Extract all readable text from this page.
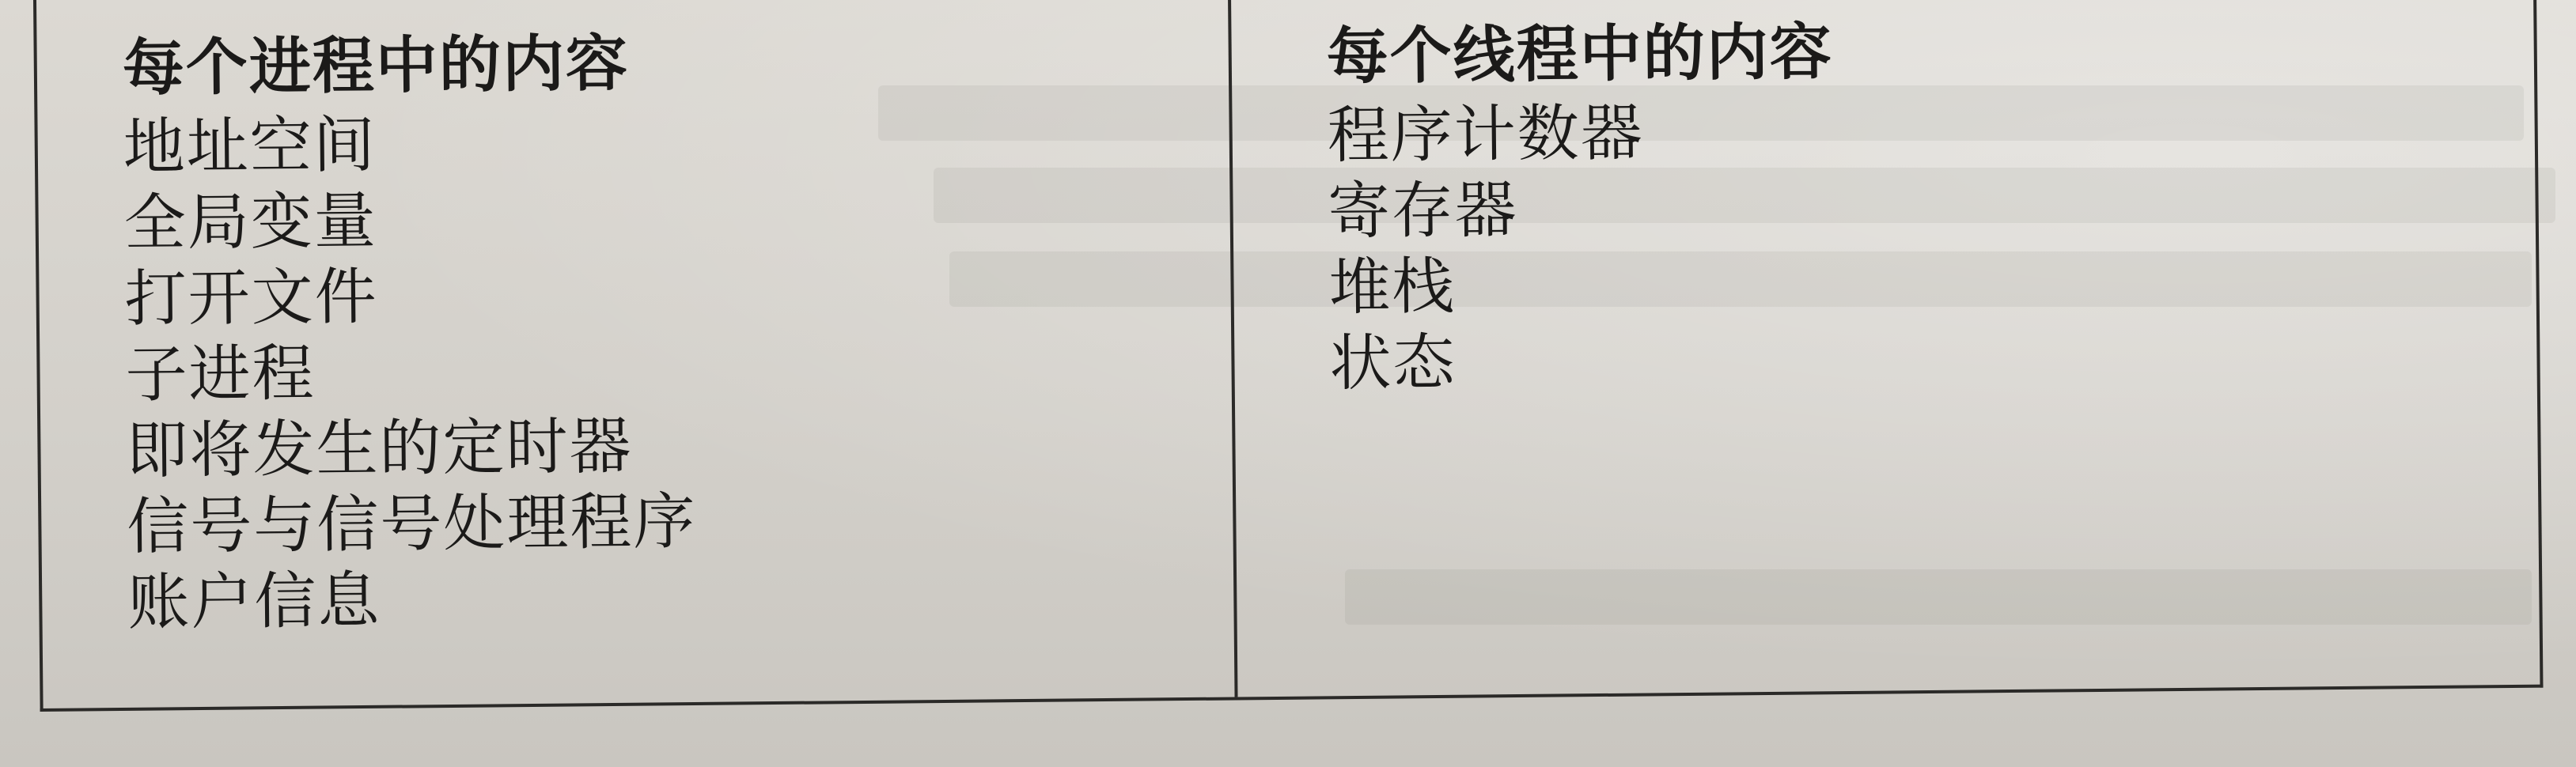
每个进程中的内容
地址空间
全局变量
打开文件
子进程
即将发生的定时器
信号与信号处理程序
账户信息
每个线程中的内容
程序计数器
寄存器
堆栈
状态
